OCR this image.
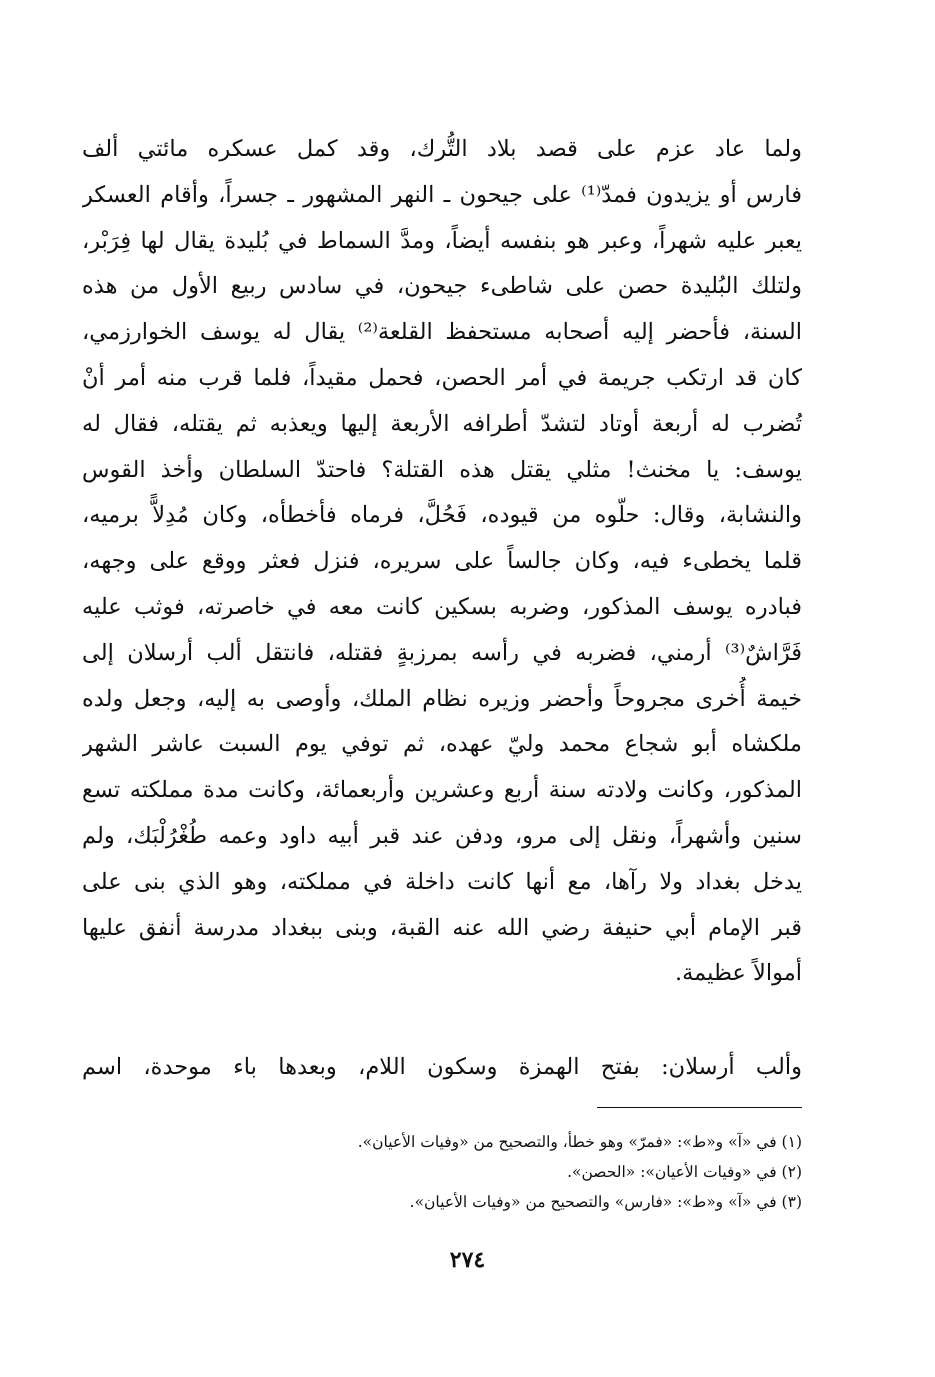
ولما عاد عزم على قصد بلاد التُّرك، وقد كمل عسكره مائتي ألف
فارس أو يزيدون فمدّ⁽¹⁾ على جيحون ـ النهر المشهور ـ جسراً، وأقام العسكر
يعبر عليه شهراً، وعبر هو بنفسه أيضاً، ومدَّ السماط في بُليدة يقال لها فِرَبْر،
ولتلك البُليدة حصن على شاطىء جيحون، في سادس ربيع الأول من هذه
السنة، فأحضر إليه أصحابه مستحفظ القلعة⁽²⁾ يقال له يوسف الخوارزمي،
كان قد ارتكب جريمة في أمر الحصن، فحمل مقيداً، فلما قرب منه أمر أنْ
تُضرب له أربعة أوتاد لتشدّ أطرافه الأربعة إليها ويعذبه ثم يقتله، فقال له
يوسف: يا مخنث! مثلي يقتل هذه القتلة؟ فاحتدّ السلطان وأخذ القوس
والنشابة، وقال: حلّوه من قيوده، فَحُلَّ، فرماه فأخطأه، وكان مُدِلاًّ برميه،
قلما يخطىء فيه، وكان جالساً على سريره، فنزل فعثر ووقع على وجهه،
فبادره يوسف المذكور، وضربه بسكين كانت معه في خاصرته، فوثب عليه
فَرَّاشٌ⁽³⁾ أرمني، فضربه في رأسه بمرزبةٍ فقتله، فانتقل ألب أرسلان إلى
خيمة أُخرى مجروحاً وأحضر وزيره نظام الملك، وأوصى به إليه، وجعل ولده
ملكشاه أبو شجاع محمد وليّ عهده، ثم توفي يوم السبت عاشر الشهر
المذكور، وكانت ولادته سنة أربع وعشرين وأربعمائة، وكانت مدة مملكته تسع
سنين وأشهراً، ونقل إلى مرو، ودفن عند قبر أبيه داود وعمه طُغْرُلْبَك، ولم
يدخل بغداد ولا رآها، مع أنها كانت داخلة في مملكته، وهو الذي بنى على
قبر الإمام أبي حنيفة رضي الله عنه القبة، وبنى ببغداد مدرسة أنفق عليها
أموالاً عظيمة.
وألب أرسلان: بفتح الهمزة وسكون اللام، وبعدها باء موحدة، اسم
(١) في «آ» و«ط»: «فمرّ» وهو خطأ، والتصحيح من «وفيات الأعيان».
(٢) في «وفيات الأعيان»: «الحصن».
(٣) في «آ» و«ط»: «فارس» والتصحيح من «وفيات الأعيان».
٢٧٤
